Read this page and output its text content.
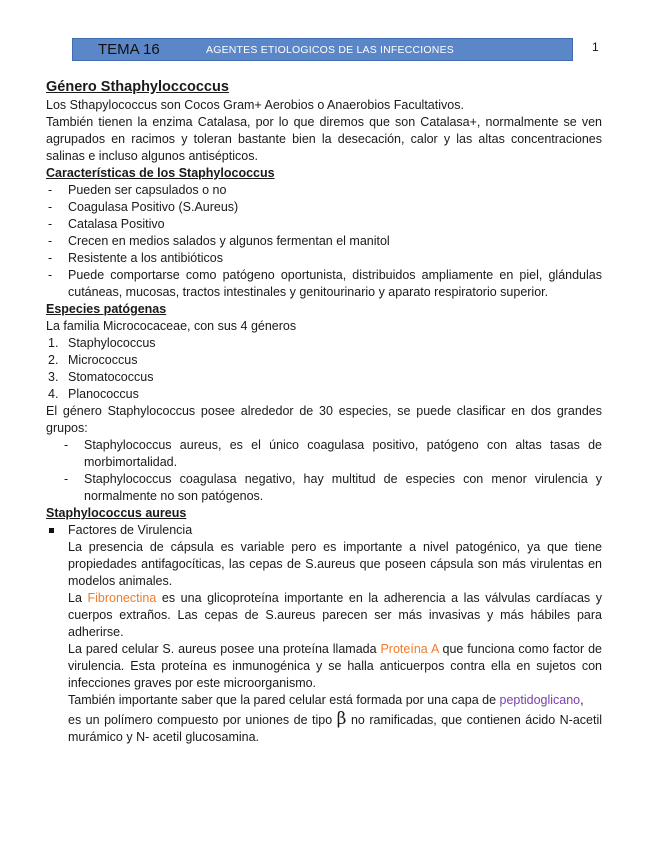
TEMA 16	AGENTES ETIOLOGICOS DE LAS INFECCIONES	1

Género Sthaphyloccoccus

Los Sthapylococcus son Cocos Gram+ Aerobios o Anaerobios Facultativos.

También tienen la enzima Catalasa, por lo que diremos que son Catalasa+, normalmente se ven agrupados en racimos y toleran bastante bien la desecación, calor y las altas concentraciones salinas e incluso algunos antisépticos.

Características de los Staphylococcus

- Pueden ser capsulados o no
- Coagulasa Positivo (S.Aureus)
- Catalasa Positivo
- Crecen en medios salados y algunos fermentan el manitol
- Resistente a los antibióticos
- Puede comportarse como patógeno oportunista, distribuidos ampliamente en piel, glándulas cutáneas, mucosas, tractos intestinales y genitourinario y aparato respiratorio superior.

Especies patógenas

La familia Micrococaceae, con sus 4 géneros

1. Staphylococcus
2. Micrococcus
3. Stomatococcus
4. Planococcus

El género Staphylococcus posee alrededor de 30 especies, se puede clasificar en dos grandes grupos:

- Staphylococcus aureus, es el único coagulasa positivo, patógeno con altas tasas de morbimortalidad.
- Staphylococcus coagulasa negativo, hay multitud de especies con menor virulencia y normalmente no son patógenos.

Staphylococcus aureus

Factores de Virulencia

La presencia de cápsula es variable pero es importante a nivel patogénico, ya que tiene propiedades antifagocíticas, las cepas de S.aureus que poseen cápsula son más virulentas en modelos animales.

La Fibronectina es una glicoproteína importante en la adherencia a las válvulas cardíacas y cuerpos extraños. Las cepas de S.aureus parecen ser más invasivas y más hábiles para adherirse.

La pared celular S. aureus posee una proteína llamada Proteína A que funciona como factor de virulencia. Esta proteína es inmunogénica y se halla anticuerpos contra ella en sujetos con infecciones graves por este microorganismo.

También importante saber que la pared celular está formada por una capa de peptidoglicano,

es un polímero compuesto por uniones de tipo β no ramificadas, que contienen ácido N-acetil murámico y N- acetil glucosamina.
